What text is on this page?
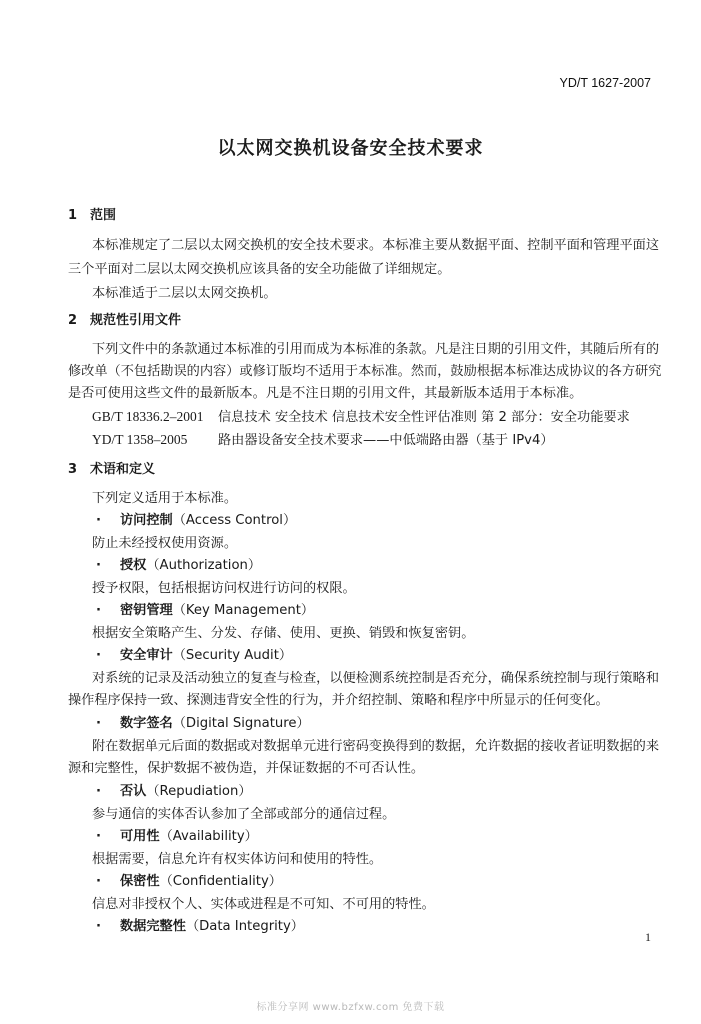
YD/T 1627-2007
以太网交换机设备安全技术要求
1 范围
本标准规定了二层以太网交换机的安全技术要求。本标准主要从数据平面、控制平面和管理平面这
三个平面对二层以太网交换机应该具备的安全功能做了详细规定。
本标准适于二层以太网交换机。
2 规范性引用文件
下列文件中的条款通过本标准的引用而成为本标准的条款。凡是注日期的引用文件，其随后所有的
修改单（不包括勘误的内容）或修订版均不适用于本标准。然而，鼓励根据本标准达成协议的各方研究
是否可使用这些文件的最新版本。凡是不注日期的引用文件，其最新版本适用于本标准。
GB/T 18336.2–2001 信息技术 安全技术 信息技术安全性评估准则 第 2 部分：安全功能要求
YD/T 1358–2005 路由器设备安全技术要求——中低端路由器（基于 IPv4）
3 术语和定义
下列定义适用于本标准。
· 访问控制（Access Control）
防止未经授权使用资源。
· 授权（Authorization）
授予权限，包括根据访问权进行访问的权限。
· 密钥管理（Key Management）
根据安全策略产生、分发、存储、使用、更换、销毁和恢复密钥。
· 安全审计（Security Audit）
对系统的记录及活动独立的复查与检查，以便检测系统控制是否充分，确保系统控制与现行策略和
操作程序保持一致、探测违背安全性的行为，并介绍控制、策略和程序中所显示的任何变化。
· 数字签名（Digital Signature）
附在数据单元后面的数据或对数据单元进行密码变换得到的数据，允许数据的接收者证明数据的来
源和完整性，保护数据不被伪造，并保证数据的不可否认性。
· 否认（Repudiation）
参与通信的实体否认参加了全部或部分的通信过程。
· 可用性（Availability）
根据需要，信息允许有权实体访问和使用的特性。
· 保密性（Confidentiality）
信息对非授权个人、实体或进程是不可知、不可用的特性。
· 数据完整性（Data Integrity）
1
标准分享网 www.bzfxw.com 免费下载
